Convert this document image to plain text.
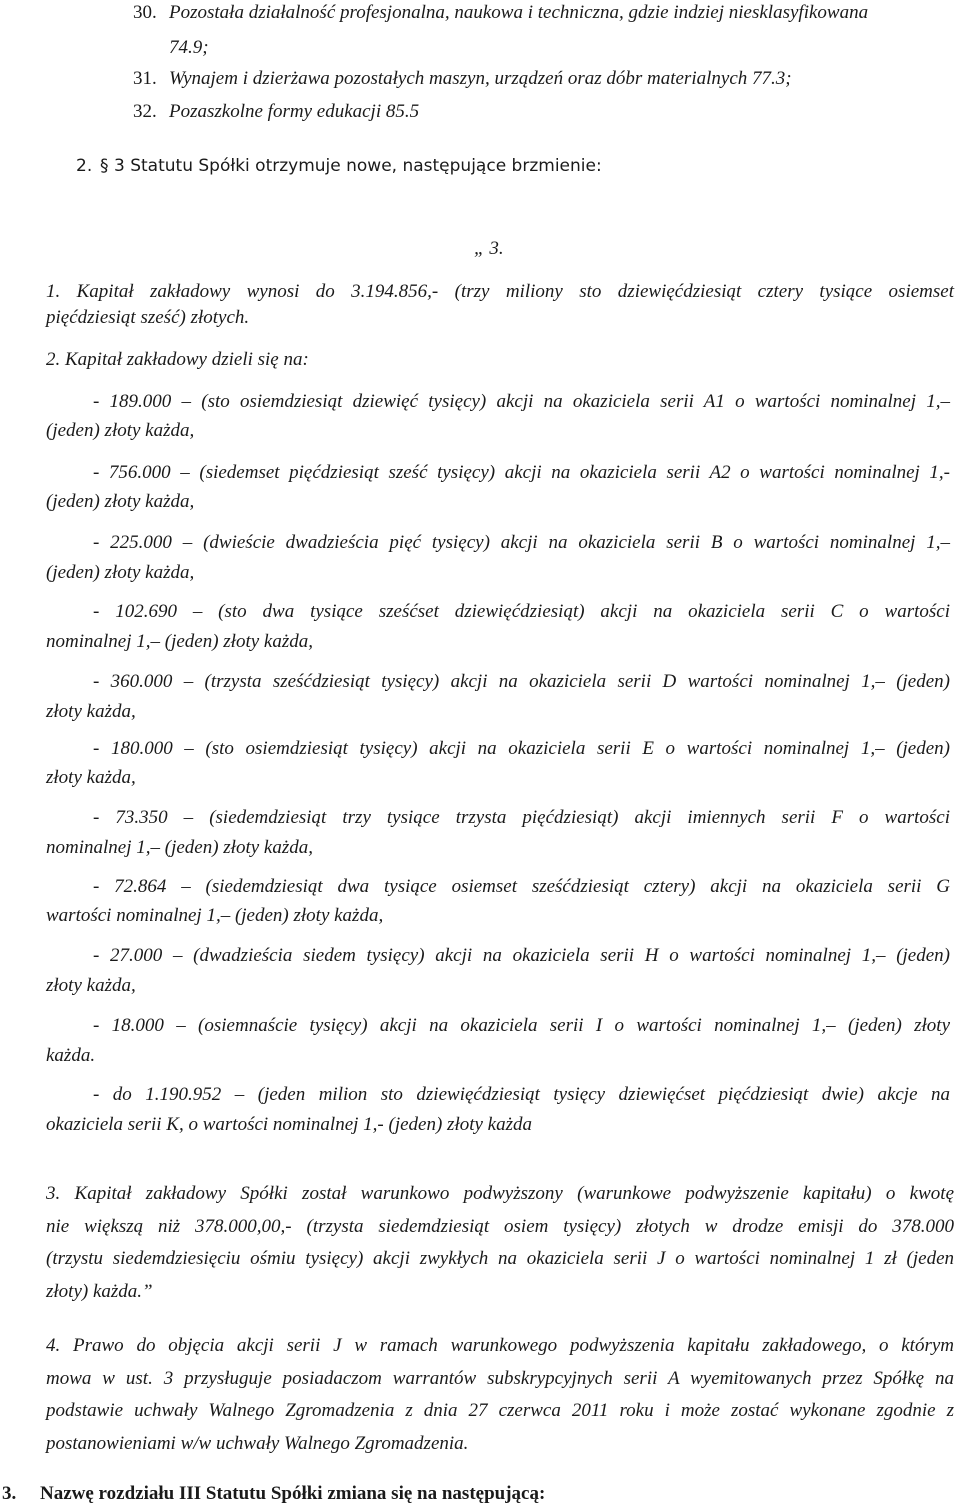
30. Pozostała działalność profesjonalna, naukowa i techniczna, gdzie indziej niesklasyfikowana
74.9;
31. Wynajem i dzierżawa pozostałych maszyn, urządzeń oraz dóbr materialnych 77.3;
32. Pozaszkolne formy edukacji 85.5
2. § 3 Statutu Spółki otrzymuje nowe, następujące brzmienie:
„ 3.
1. Kapitał zakładowy wynosi do 3.194.856,- (trzy miliony sto dziewięćdziesiąt cztery tysiące osiemset
pięćdziesiąt sześć) złotych.
2. Kapitał zakładowy dzieli się na:
- 189.000 – (sto osiemdziesiąt dziewięć tysięcy) akcji na okaziciela serii A1 o wartości nominalnej 1,–
(jeden) złoty każda,
- 756.000 – (siedemset pięćdziesiąt sześć tysięcy) akcji na okaziciela serii A2 o wartości nominalnej 1,-
(jeden) złoty każda,
- 225.000 – (dwieście dwadzieścia pięć tysięcy) akcji na okaziciela serii B o wartości nominalnej 1,–
(jeden) złoty każda,
- 102.690 – (sto dwa tysiące sześćset dziewięćdziesiąt) akcji na okaziciela serii C o wartości
nominalnej 1,– (jeden) złoty każda,
- 360.000 – (trzysta sześćdziesiąt tysięcy) akcji na okaziciela serii D wartości nominalnej 1,– (jeden)
złoty każda,
- 180.000 – (sto osiemdziesiąt tysięcy) akcji na okaziciela serii E o wartości nominalnej 1,– (jeden)
złoty każda,
- 73.350 – (siedemdziesiąt trzy tysiące trzysta pięćdziesiąt) akcji imiennych serii F o wartości
nominalnej 1,– (jeden) złoty każda,
- 72.864 – (siedemdziesiąt dwa tysiące osiemset sześćdziesiąt cztery) akcji na okaziciela serii G
wartości nominalnej 1,– (jeden) złoty każda,
- 27.000 – (dwadzieścia siedem tysięcy) akcji na okaziciela serii H o wartości nominalnej 1,– (jeden)
złoty każda,
- 18.000 – (osiemnaście tysięcy) akcji na okaziciela serii I o wartości nominalnej 1,– (jeden) złoty
każda.
- do 1.190.952 – (jeden milion sto dziewięćdziesiąt tysięcy dziewięćset pięćdziesiąt dwie) akcje na
okaziciela serii K, o wartości nominalnej 1,- (jeden) złoty każda
3. Kapitał zakładowy Spółki został warunkowo podwyższony (warunkowe podwyższenie kapitału) o kwotę
nie większą niż 378.000,00,- (trzysta siedemdziesiąt osiem tysięcy) złotych w drodze emisji do 378.000
(trzystu siedemdziesięciu ośmiu tysięcy) akcji zwykłych na okaziciela serii J o wartości nominalnej 1 zł (jeden
złoty) każda.”
4. Prawo do objęcia akcji serii J w ramach warunkowego podwyższenia kapitału zakładowego, o którym
mowa w ust. 3 przysługuje posiadaczom warrantów subskrypcyjnych serii A wyemitowanych przez Spółkę na
podstawie uchwały Walnego Zgromadzenia z dnia 27 czerwca 2011 roku i może zostać wykonane zgodnie z
postanowieniami w/w uchwały Walnego Zgromadzenia.
3. Nazwę rozdziału III Statutu Spółki zmiana się na następującą:
